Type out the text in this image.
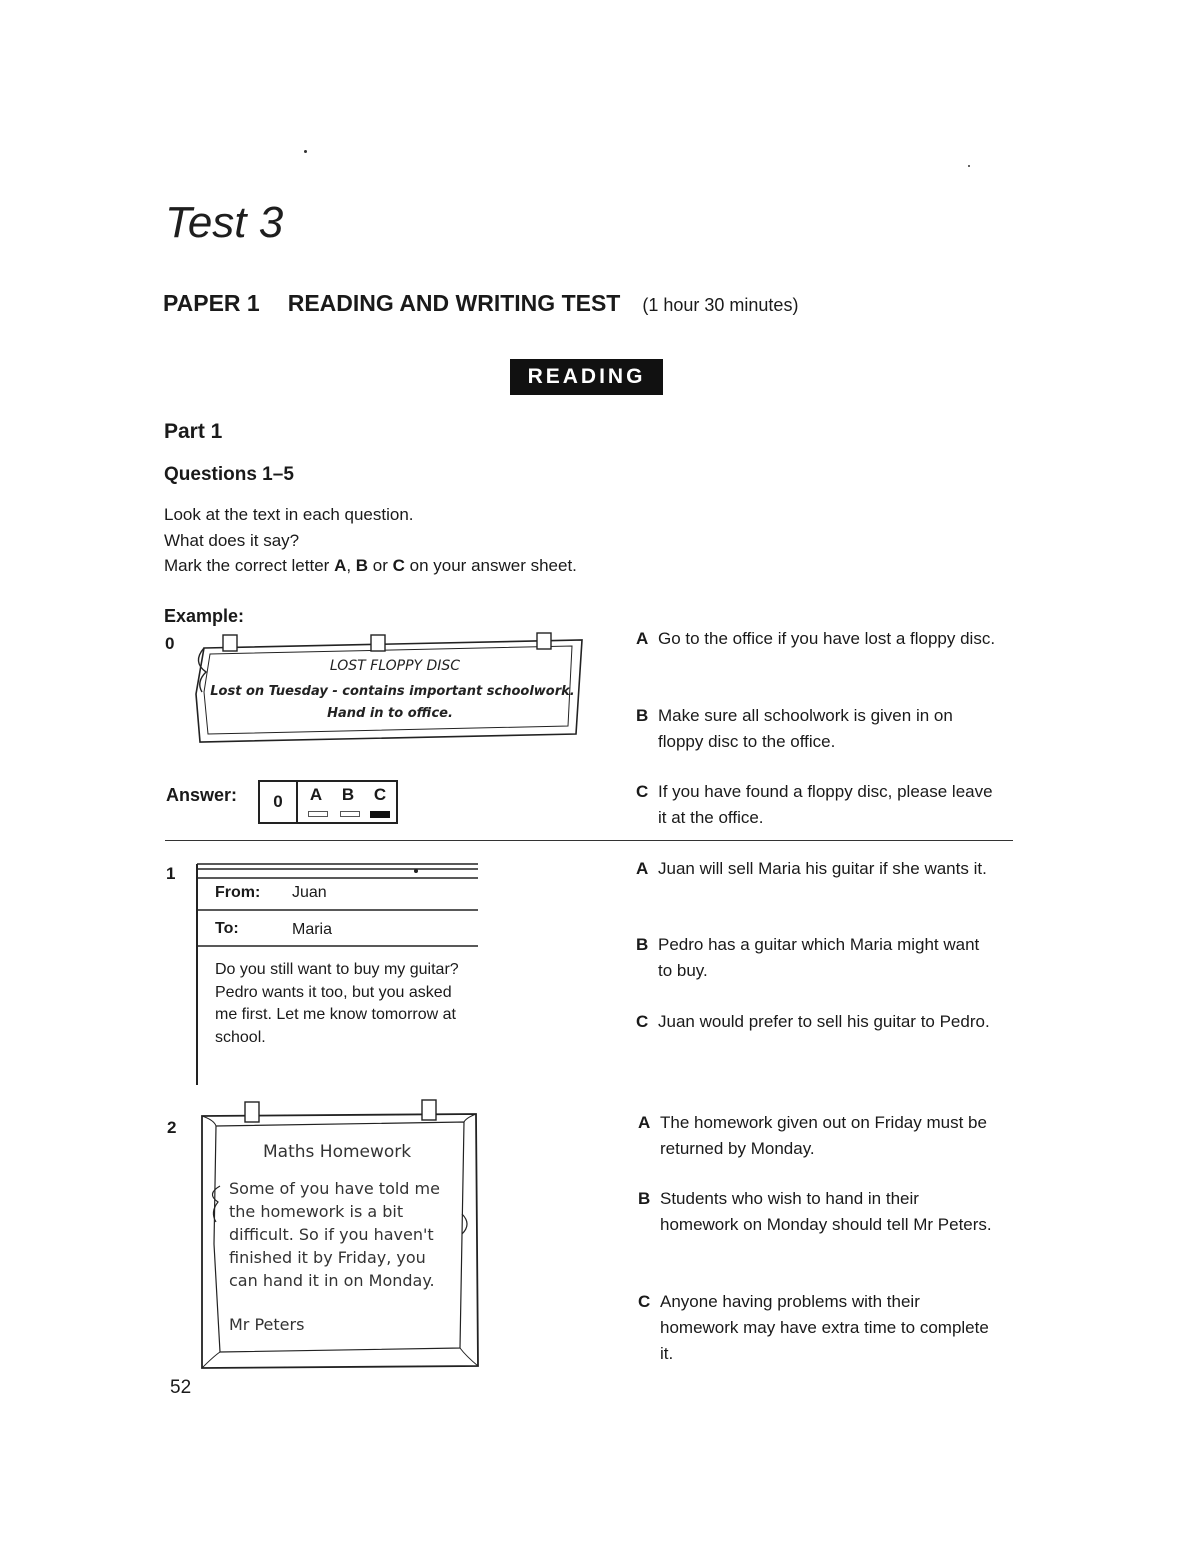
Test 3
PAPER 1 READING AND WRITING TEST (1 hour 30 minutes)
READING
Part 1
Questions 1–5
Look at the text in each question.
What does it say?
Mark the correct letter A, B or C on your answer sheet.
Example:
0
LOST FLOPPY DISC
Lost on Tuesday - contains important schoolwork.
Hand in to office.
Answer:	0	A B C
A Go to the office if you have lost a floppy disc.
B Make sure all schoolwork is given in on floppy disc to the office.
C If you have found a floppy disc, please leave it at the office.
1
From: Juan
To:	Maria
Do you still want to buy my guitar? Pedro wants it too, but you asked me first. Let me know tomorrow at school.
A Juan will sell Maria his guitar if she wants it.
B Pedro has a guitar which Maria might want to buy.
C Juan would prefer to sell his guitar to Pedro.
2
Maths Homework
Some of you have told me the homework is a bit difficult. So if you haven't finished it by Friday, you can hand it in on Monday.
Mr Peters
A The homework given out on Friday must be returned by Monday.
B Students who wish to hand in their homework on Monday should tell Mr Peters.
C Anyone having problems with their homework may have extra time to complete it.
52
